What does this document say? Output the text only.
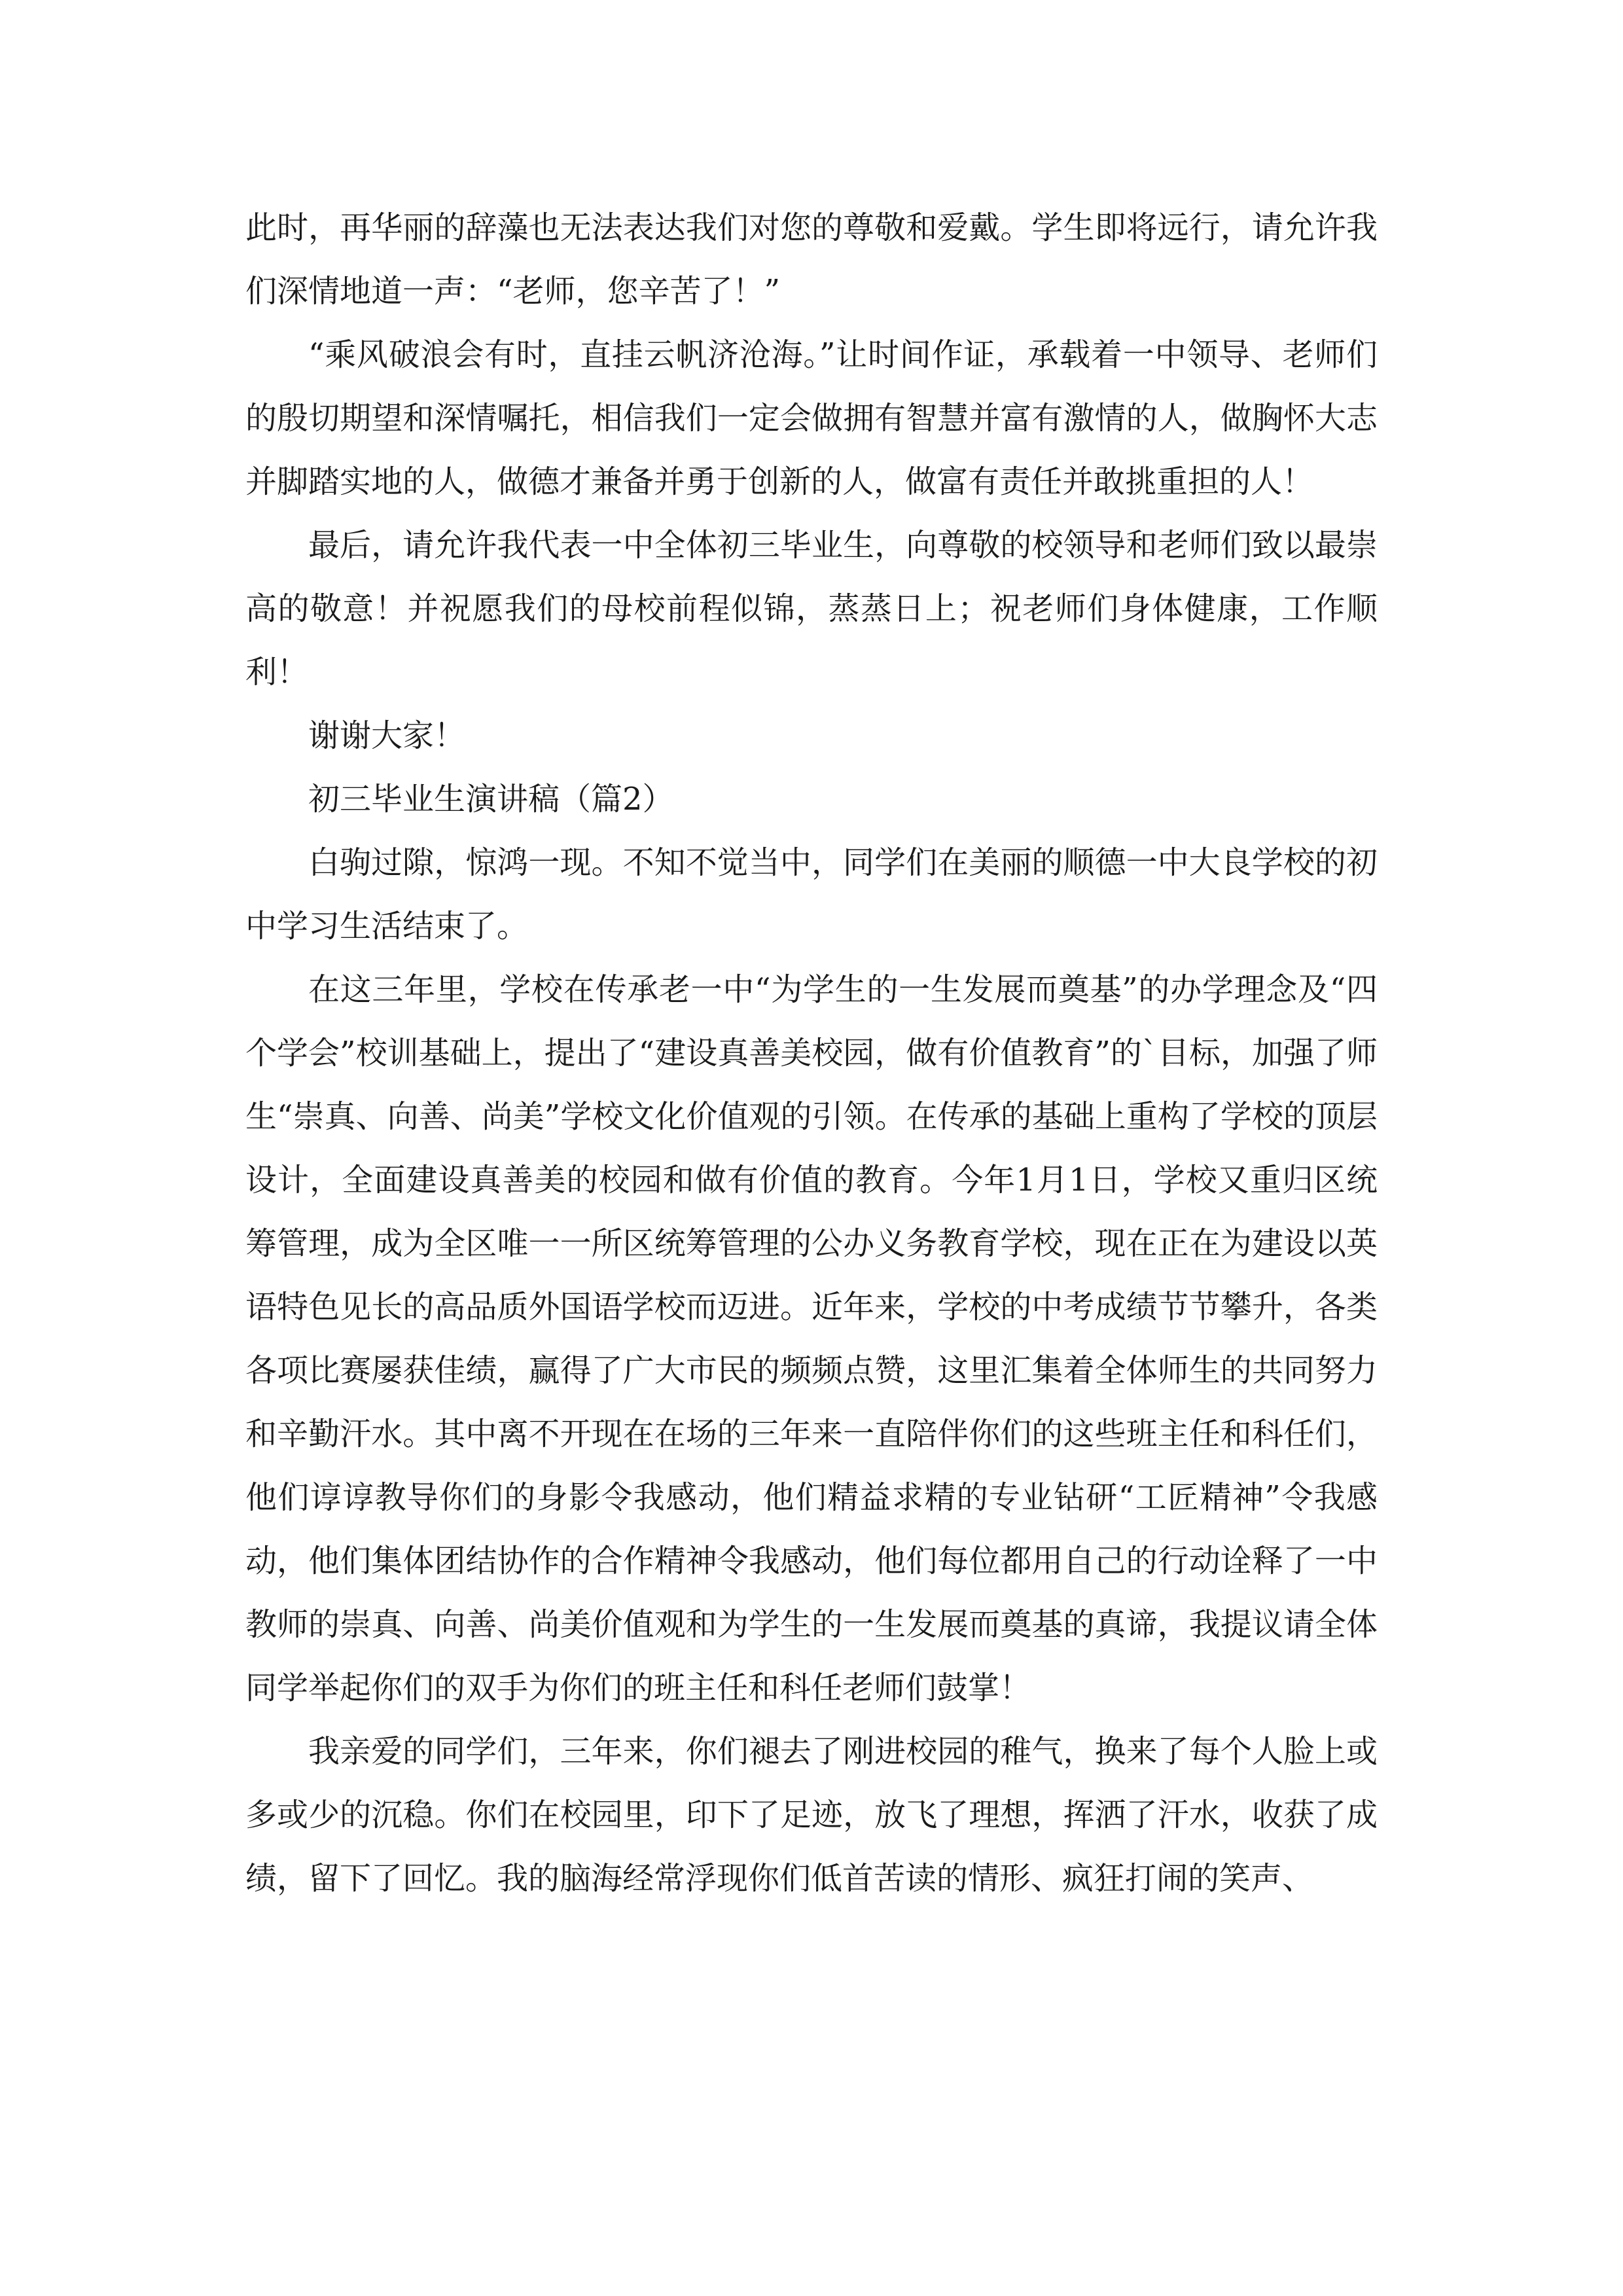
此时，再华丽的辞藻也无法表达我们对您的尊敬和爱戴。学生即将远行，请允许我们深情地道一声：“老师，您辛苦了！”

“乘风破浪会有时，直挂云帆济沧海。”让时间作证，承载着一中领导、老师们的殷切期望和深情嘱托，相信我们一定会做拥有智慧并富有激情的人，做胸怀大志并脚踏实地的人，做德才兼备并勇于创新的人，做富有责任并敢挑重担的人！

最后，请允许我代表一中全体初三毕业生，向尊敬的校领导和老师们致以最崇高的敬意！并祝愿我们的母校前程似锦，蒸蒸日上；祝老师们身体健康，工作顺利！

谢谢大家！

初三毕业生演讲稿（篇2）

白驹过隙，惊鸿一现。不知不觉当中，同学们在美丽的顺德一中大良学校的初中学习生活结束了。

在这三年里，学校在传承老一中“为学生的一生发展而奠基”的办学理念及“四个学会”校训基础上，提出了“建设真善美校园，做有价值教育”的`目标，加强了师生“崇真、向善、尚美”学校文化价值观的引领。在传承的基础上重构了学校的顶层设计，全面建设真善美的校园和做有价值的教育。今年1月1日，学校又重归区统筹管理，成为全区唯一一所区统筹管理的公办义务教育学校，现在正在为建设以英语特色见长的高品质外国语学校而迈进。近年来，学校的中考成绩节节攀升，各类各项比赛屡获佳绩，赢得了广大市民的频频点赞，这里汇集着全体师生的共同努力和辛勤汗水。其中离不开现在在场的三年来一直陪伴你们的这些班主任和科任们，他们谆谆教导你们的身影令我感动，他们精益求精的专业钻研“工匠精神”令我感动，他们集体团结协作的合作精神令我感动，他们每位都用自己的行动诠释了一中教师的崇真、向善、尚美价值观和为学生的一生发展而奠基的真谛，我提议请全体同学举起你们的双手为你们的班主任和科任老师们鼓掌！

我亲爱的同学们，三年来，你们褪去了刚进校园的稚气，换来了每个人脸上或多或少的沉稳。你们在校园里，印下了足迹，放飞了理想，挥洒了汗水，收获了成绩，留下了回忆。我的脑海经常浮现你们低首苦读的情形、疯狂打闹的笑声、
